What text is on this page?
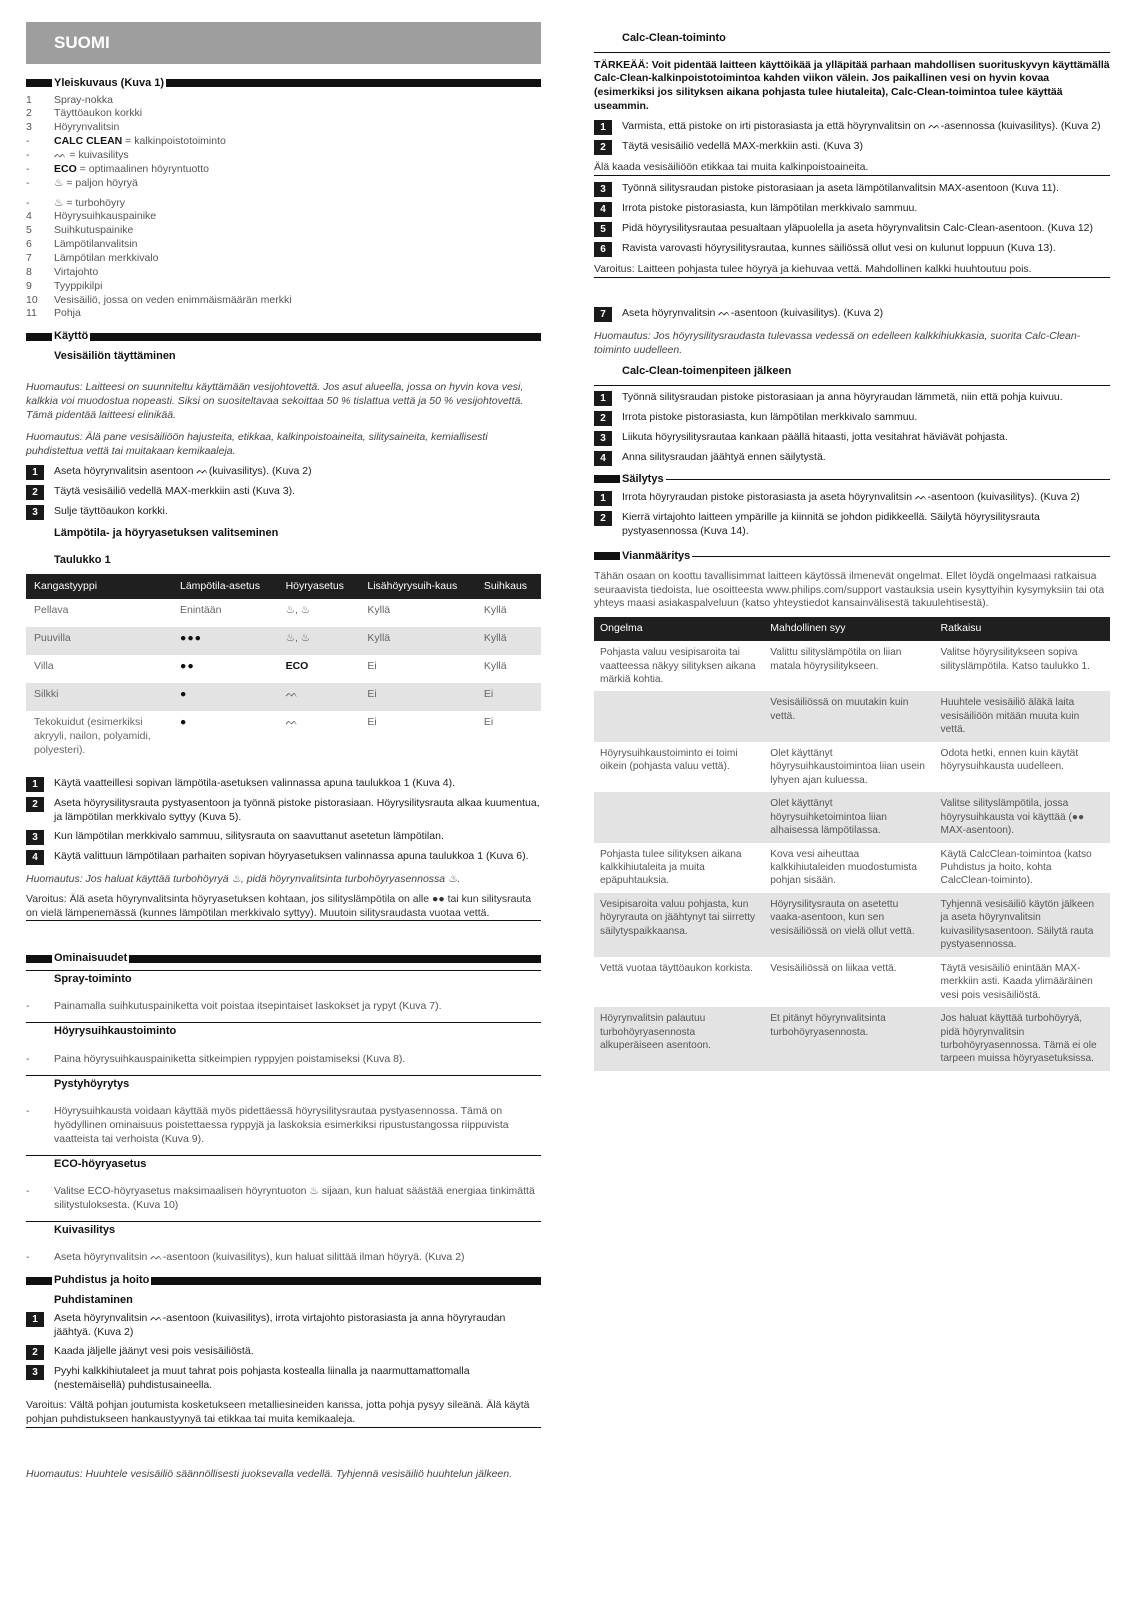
SUOMI
Yleiskuvaus (Kuva 1)
1	Spray-nokka
2	Täyttöaukon korkki
3	Höyrynvalitsin
-	CALC CLEAN = kalkinpoistotoiminto
-	ᨓ = kuivasilitys
-	ECO = optimaalinen höyryntuotto
-	♨ = paljon höyryä
-	♨ = turbohöyry
4	Höyrysuihkauspainike
5	Suihkutuspainike
6	Lämpötilanvalitsin
7	Lämpötilan merkkivalo
8	Virtajohto
9	Tyyppikilpi
10	Vesisäiliö, jossa on veden enimmäismäärän merkki
11	Pohja
Käyttö
Vesisäiliön täyttäminen
Huomautus: Laitteesi on suunniteltu käyttämään vesijohtovettä. Jos asut alueella, jossa on hyvin kova vesi, kalkkia voi muodostua nopeasti. Siksi on suositeltavaa sekoittaa 50 % tislattua vettä ja 50 % vesijohtovettä. Tämä pidentää laitteesi elinikää.
Huomautus: Älä pane vesisäiliöön hajusteita, etikkaa, kalkinpoistoaineita, silitysaineita, kemiallisesti puhdistettua vettä tai muitakaan kemikaaleja.
1	Aseta höyrynvalitsin asentoon ᨓ(kuivasilitys). (Kuva 2)
2	Täytä vesisäiliö vedellä MAX-merkkiin asti (Kuva 3).
3	Sulje täyttöaukon korkki.
Lämpötila- ja höyryasetuksen valitseminen
Taulukko 1
Kangastyyppi	Lämpötila-asetus	Höyryasetus	Lisähöyrysuih-kaus	Suihkaus
Pellava	Enintään	♨, ♨	Kyllä	Kyllä
Puuvilla	●●●	♨, ♨	Kyllä	Kyllä
Villa	●●	ECO	Ei	Kyllä
Silkki	●	ᨓ	Ei	Ei
Tekokuidut (esimerkiksi akryyli, nailon, polyamidi, polyesteri).	●	ᨓ	Ei	Ei
1	Käytä vaatteillesi sopivan lämpötila-asetuksen valinnassa apuna taulukkoa 1 (Kuva 4).
2	Aseta höyrysilitysrauta pystyasentoon ja työnnä pistoke pistorasiaan. Höyrysilitysrauta alkaa kuumentua, ja lämpötilan merkkivalo syttyy (Kuva 5).
3	Kun lämpötilan merkkivalo sammuu, silitysrauta on saavuttanut asetetun lämpötilan.
4	Käytä valittuun lämpötilaan parhaiten sopivan höyryasetuksen valinnassa apuna taulukkoa 1 (Kuva 6).
Huomautus: Jos haluat käyttää turbohöyryä ♨, pidä höyrynvalitsinta turbohöyryasennossa ♨.
Varoitus: Älä aseta höyrynvalitsinta höyryasetuksen kohtaan, jos silityslämpötila on alle ●● tai kun silitysrauta on vielä lämpenemässä (kunnes lämpötilan merkkivalo syttyy). Muutoin silitysraudasta vuotaa vettä.
Ominaisuudet
Spray-toiminto
-	Painamalla suihkutuspainiketta voit poistaa itsepintaiset laskokset ja rypyt (Kuva 7).
Höyrysuihkaustoiminto
-	Paina höyrysuihkauspainiketta sitkeimpien ryppyjen poistamiseksi (Kuva 8).
Pystyhöyrytys
-	Höyrysuihkausta voidaan käyttää myös pidettäessä höyrysilitysrautaa pystyasennossa. Tämä on hyödyllinen ominaisuus poistettaessa ryppyjä ja laskoksia esimerkiksi ripustustangossa riippuvista vaatteista tai verhoista (Kuva 9).
ECO-höyryasetus
-	Valitse ECO-höyryasetus maksimaalisen höyryntuoton ♨ sijaan, kun haluat säästää energiaa tinkimättä silitystuloksesta. (Kuva 10)
Kuivasilitys
-	Aseta höyrynvalitsin ᨓ-asentoon (kuivasilitys), kun haluat silittää ilman höyryä. (Kuva 2)
Puhdistus ja hoito
Puhdistaminen
1	Aseta höyrynvalitsin ᨓ-asentoon (kuivasilitys), irrota virtajohto pistorasiasta ja anna höyryraudan jäähtyä. (Kuva 2)
2	Kaada jäljelle jäänyt vesi pois vesisäiliöstä.
3	Pyyhi kalkkihiutaleet ja muut tahrat pois pohjasta kostealla liinalla ja naarmuttamattomalla (nestemäisellä) puhdistusaineella.
Varoitus: Vältä pohjan joutumista kosketukseen metalliesineiden kanssa, jotta pohja pysyy sileänä. Älä käytä pohjan puhdistukseen hankaustyynyä tai etikkaa tai muita kemikaaleja.
Huomautus: Huuhtele vesisäiliö säännöllisesti juoksevalla vedellä. Tyhjennä vesisäiliö huuhtelun jälkeen.
Calc-Clean-toiminto
TÄRKEÄÄ: Voit pidentää laitteen käyttöikää ja ylläpitää parhaan mahdollisen suorituskyvyn käyttämällä Calc-Clean-kalkinpoistotoimintoa kahden viikon välein. Jos paikallinen vesi on hyvin kovaa (esimerkiksi jos silityksen aikana pohjasta tulee hiutaleita), Calc-Clean-toimintoa tulee käyttää useammin.
1	Varmista, että pistoke on irti pistorasiasta ja että höyrynvalitsin on ᨓ-asennossa (kuivasilitys). (Kuva 2)
2	Täytä vesisäiliö vedellä MAX-merkkiin asti. (Kuva 3)
Älä kaada vesisäiliöön etikkaa tai muita kalkinpoistoaineita.
3	Työnnä silitysraudan pistoke pistorasiaan ja aseta lämpötilanvalitsin MAX-asentoon (Kuva 11).
4	Irrota pistoke pistorasiasta, kun lämpötilan merkkivalo sammuu.
5	Pidä höyrysilitysrautaa pesualtaan yläpuolella ja aseta höyrynvalitsin Calc-Clean-asentoon. (Kuva 12)
6	Ravista varovasti höyrysilitysrautaa, kunnes säiliössä ollut vesi on kulunut loppuun (Kuva 13).
Varoitus: Laitteen pohjasta tulee höyryä ja kiehuvaa vettä. Mahdollinen kalkki huuhtoutuu pois.
7	Aseta höyrynvalitsin ᨓ-asentoon (kuivasilitys). (Kuva 2)
Huomautus: Jos höyrysilitysraudasta tulevassa vedessä on edelleen kalkkihiukkasia, suorita Calc-Clean-toiminto uudelleen.
Calc-Clean-toimenpiteen jälkeen
1	Työnnä silitysraudan pistoke pistorasiaan ja anna höyryraudan lämmetä, niin että pohja kuivuu.
2	Irrota pistoke pistorasiasta, kun lämpötilan merkkivalo sammuu.
3	Liikuta höyrysilitysrautaa kankaan päällä hitaasti, jotta vesitahrat häviävät pohjasta.
4	Anna silitysraudan jäähtyä ennen säilytystä.
Säilytys
1	Irrota höyryraudan pistoke pistorasiasta ja aseta höyrynvalitsin ᨓ-asentoon (kuivasilitys). (Kuva 2)
2	Kierrä virtajohto laitteen ympärille ja kiinnitä se johdon pidikkeellä. Säilytä höyrysilitysrauta pystyasennossa (Kuva 14).
Vianmääritys
Tähän osaan on koottu tavallisimmat laitteen käytössä ilmenevät ongelmat. Ellet löydä ongelmaasi ratkaisua seuraavista tiedoista, lue osoitteesta www.philips.com/support vastauksia usein kysyttyihin kysymyksiin tai ota yhteys maasi asiakaspalveluun (katso yhteystiedot kansainvälisestä takuulehtisestä).
Ongelma	Mahdollinen syy	Ratkaisu
Pohjasta valuu vesipisaroita tai vaatteessa näkyy silityksen aikana märkiä kohtia.	Valittu silityslämpötila on liian matala höyrysilitykseen.	Valitse höyrysilitykseen sopiva silityslämpötila. Katso taulukko 1.
	Vesisäiliössä on muutakin kuin vettä.	Huuhtele vesisäiliö äläkä laita vesisäiliöön mitään muuta kuin vettä.
Höyrysuihkaustoiminto ei toimi oikein (pohjasta valuu vettä).	Olet käyttänyt höyrysuihkaustoimintoa liian usein lyhyen ajan kuluessa.	Odota hetki, ennen kuin käytät höyrysuihkausta uudelleen.
	Olet käyttänyt höyrysuihketoimintoa liian alhaisessa lämpötilassa.	Valitse silityslämpötila, jossa höyrysuihkausta voi käyttää (●● MAX-asentoon).
Pohjasta tulee silityksen aikana kalkkihiutaleita ja muita epäpuhtauksia.	Kova vesi aiheuttaa kalkkihiutaleiden muodostumista pohjan sisään.	Käytä CalcClean-toimintoa (katso Puhdistus ja hoito, kohta CalcClean-toiminto).
Vesipisaroita valuu pohjasta, kun höyryrauta on jäähtynyt tai siirretty säilytyspaikkaansa.	Höyrysilitysrauta on asetettu vaaka-asentoon, kun sen vesisäiliössä on vielä ollut vettä.	Tyhjennä vesisäiliö käytön jälkeen ja aseta höyrynvalitsin kuivasilitysasentoon. Säilytä rauta pystyasennossa.
Vettä vuotaa täyttöaukon korkista.	Vesisäiliössä on liikaa vettä.	Täytä vesisäiliö enintään MAX-merkkiin asti. Kaada ylimääräinen vesi pois vesisäiliöstä.
Höyrynvalitsin palautuu turbohöyryasennosta alkuperäiseen asentoon.	Et pitänyt höyrynvalitsinta turbohöyryasennosta.	Jos haluat käyttää turbohöyryä, pidä höyrynvalitsin turbohöyryasennossa. Tämä ei ole tarpeen muissa höyryasetuksissa.
